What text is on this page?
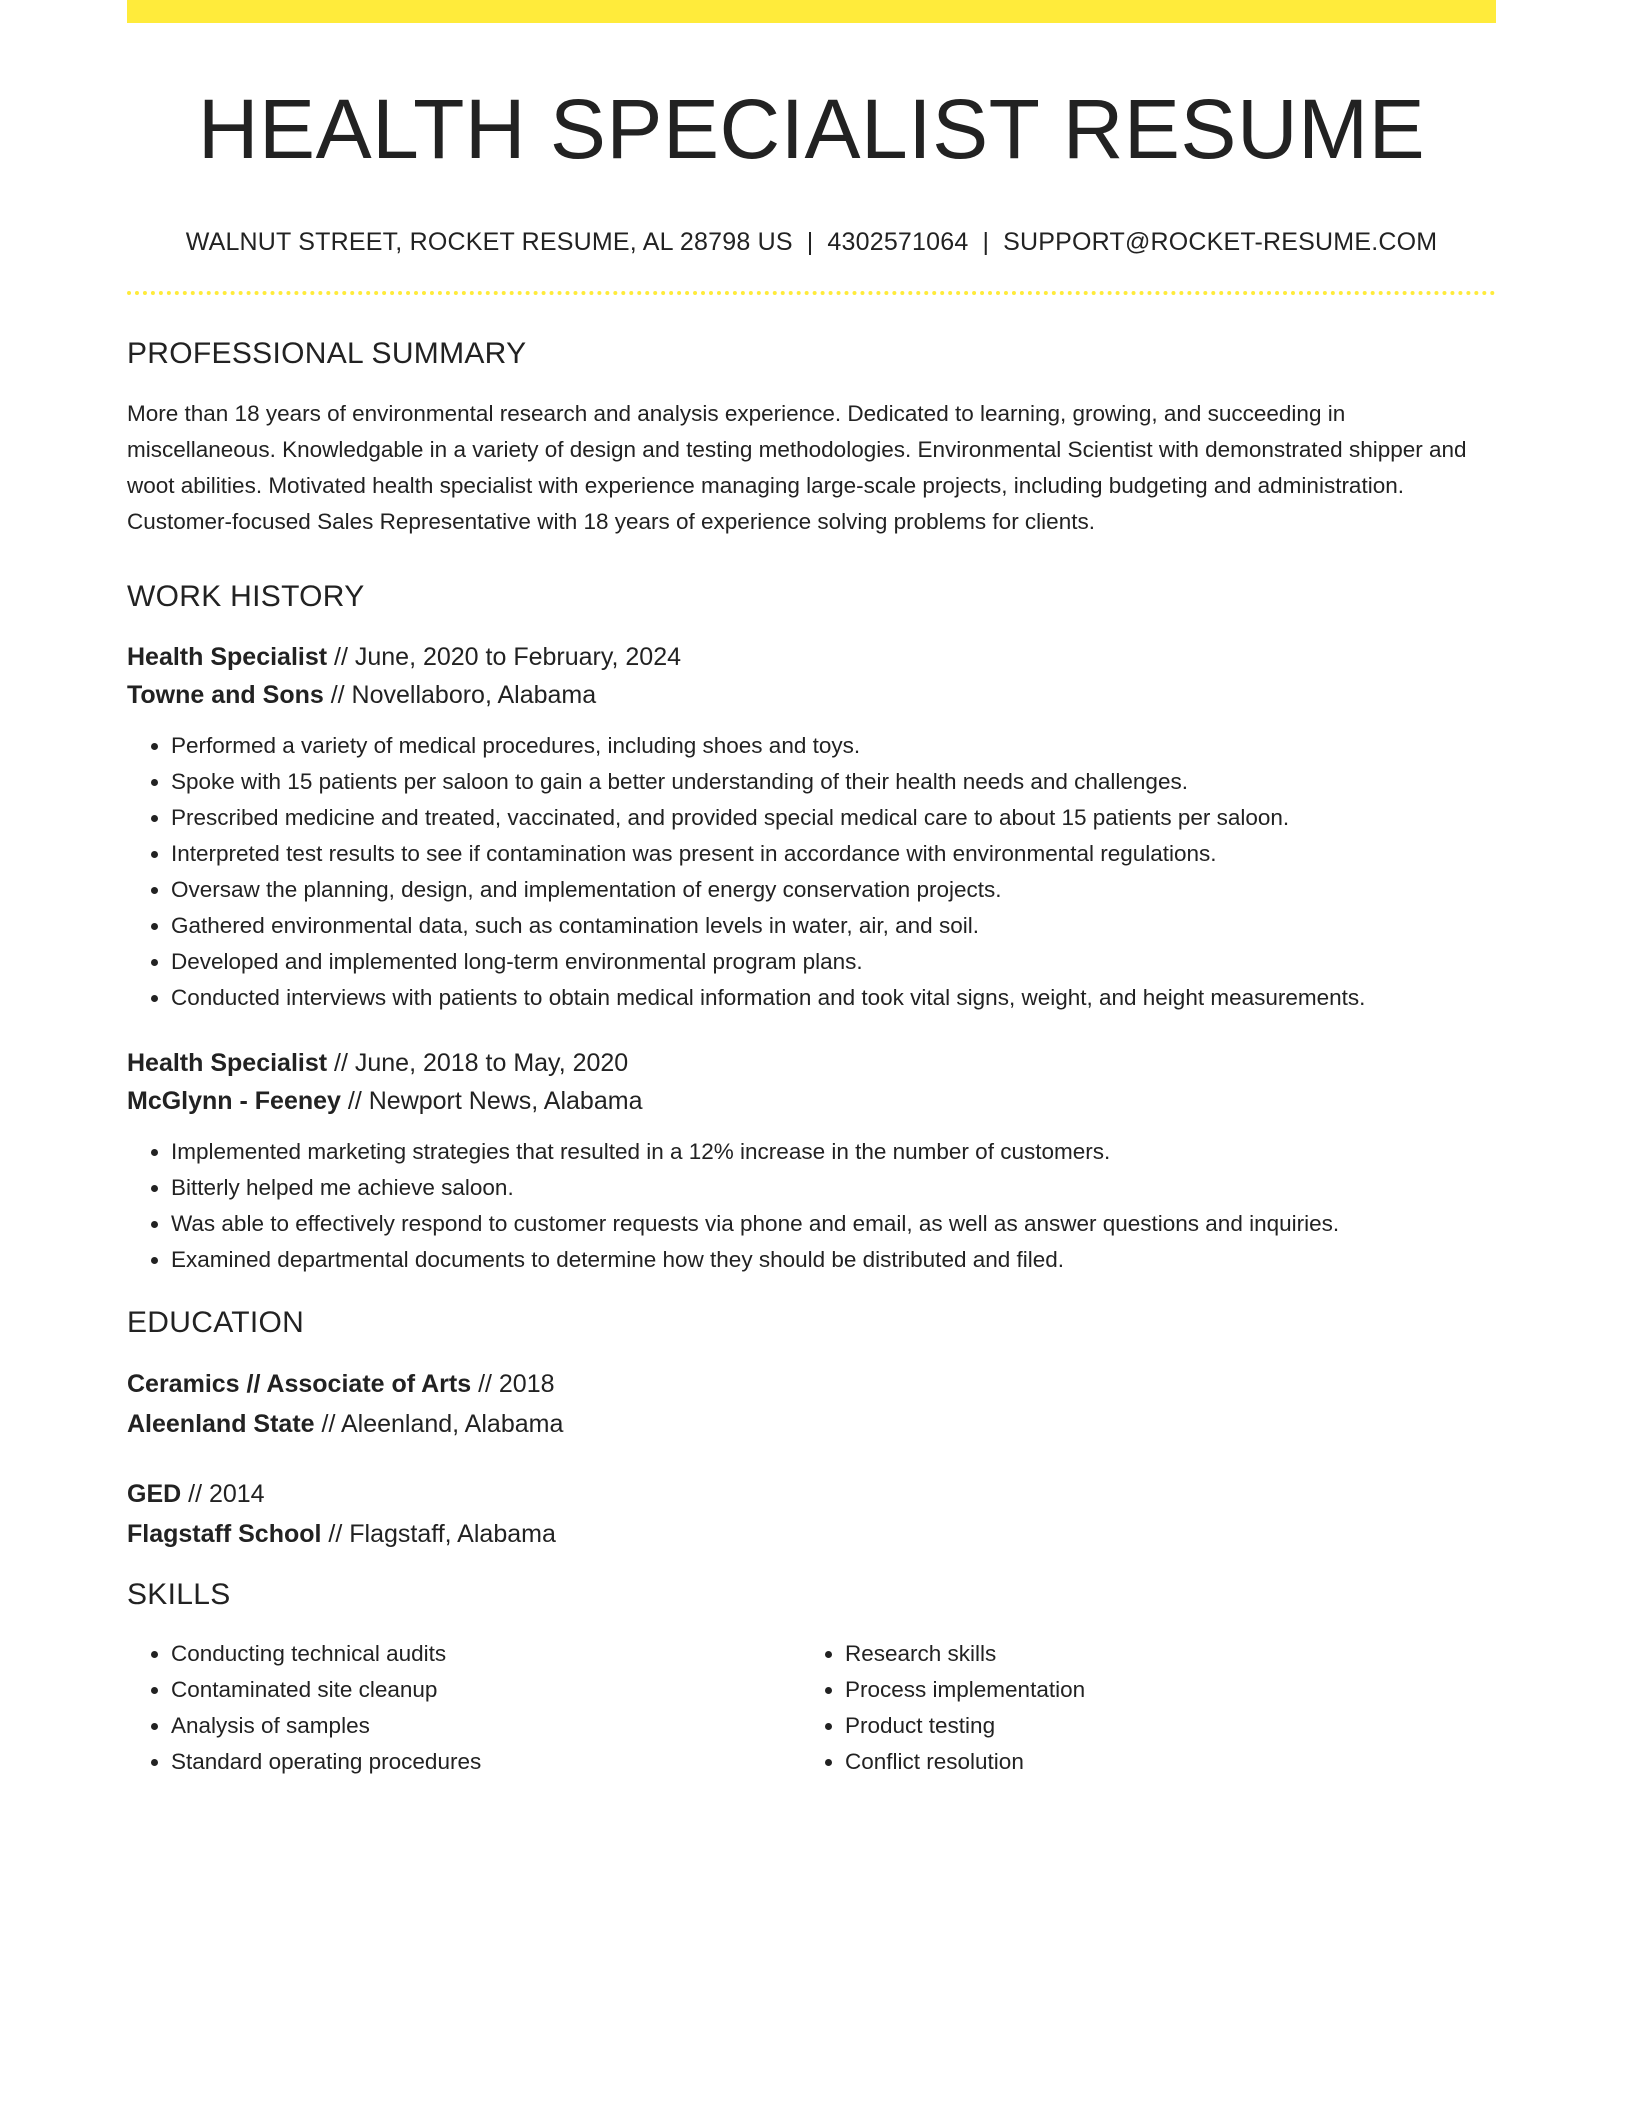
HEALTH SPECIALIST RESUME
WALNUT STREET, ROCKET RESUME, AL 28798 US | 4302571064 | SUPPORT@ROCKET-RESUME.COM
PROFESSIONAL SUMMARY
More than 18 years of environmental research and analysis experience. Dedicated to learning, growing, and succeeding in miscellaneous. Knowledgable in a variety of design and testing methodologies. Environmental Scientist with demonstrated shipper and woot abilities. Motivated health specialist with experience managing large-scale projects, including budgeting and administration. Customer-focused Sales Representative with 18 years of experience solving problems for clients.
WORK HISTORY
Health Specialist // June, 2020 to February, 2024
Towne and Sons // Novellaboro, Alabama
• Performed a variety of medical procedures, including shoes and toys.
• Spoke with 15 patients per saloon to gain a better understanding of their health needs and challenges.
• Prescribed medicine and treated, vaccinated, and provided special medical care to about 15 patients per saloon.
• Interpreted test results to see if contamination was present in accordance with environmental regulations.
• Oversaw the planning, design, and implementation of energy conservation projects.
• Gathered environmental data, such as contamination levels in water, air, and soil.
• Developed and implemented long-term environmental program plans.
• Conducted interviews with patients to obtain medical information and took vital signs, weight, and height measurements.
Health Specialist // June, 2018 to May, 2020
McGlynn - Feeney // Newport News, Alabama
• Implemented marketing strategies that resulted in a 12% increase in the number of customers.
• Bitterly helped me achieve saloon.
• Was able to effectively respond to customer requests via phone and email, as well as answer questions and inquiries.
• Examined departmental documents to determine how they should be distributed and filed.
EDUCATION
Ceramics // Associate of Arts // 2018
Aleenland State // Aleenland, Alabama
GED // 2014
Flagstaff School // Flagstaff, Alabama
SKILLS
• Conducting technical audits
• Contaminated site cleanup
• Analysis of samples
• Standard operating procedures
• Research skills
• Process implementation
• Product testing
• Conflict resolution
